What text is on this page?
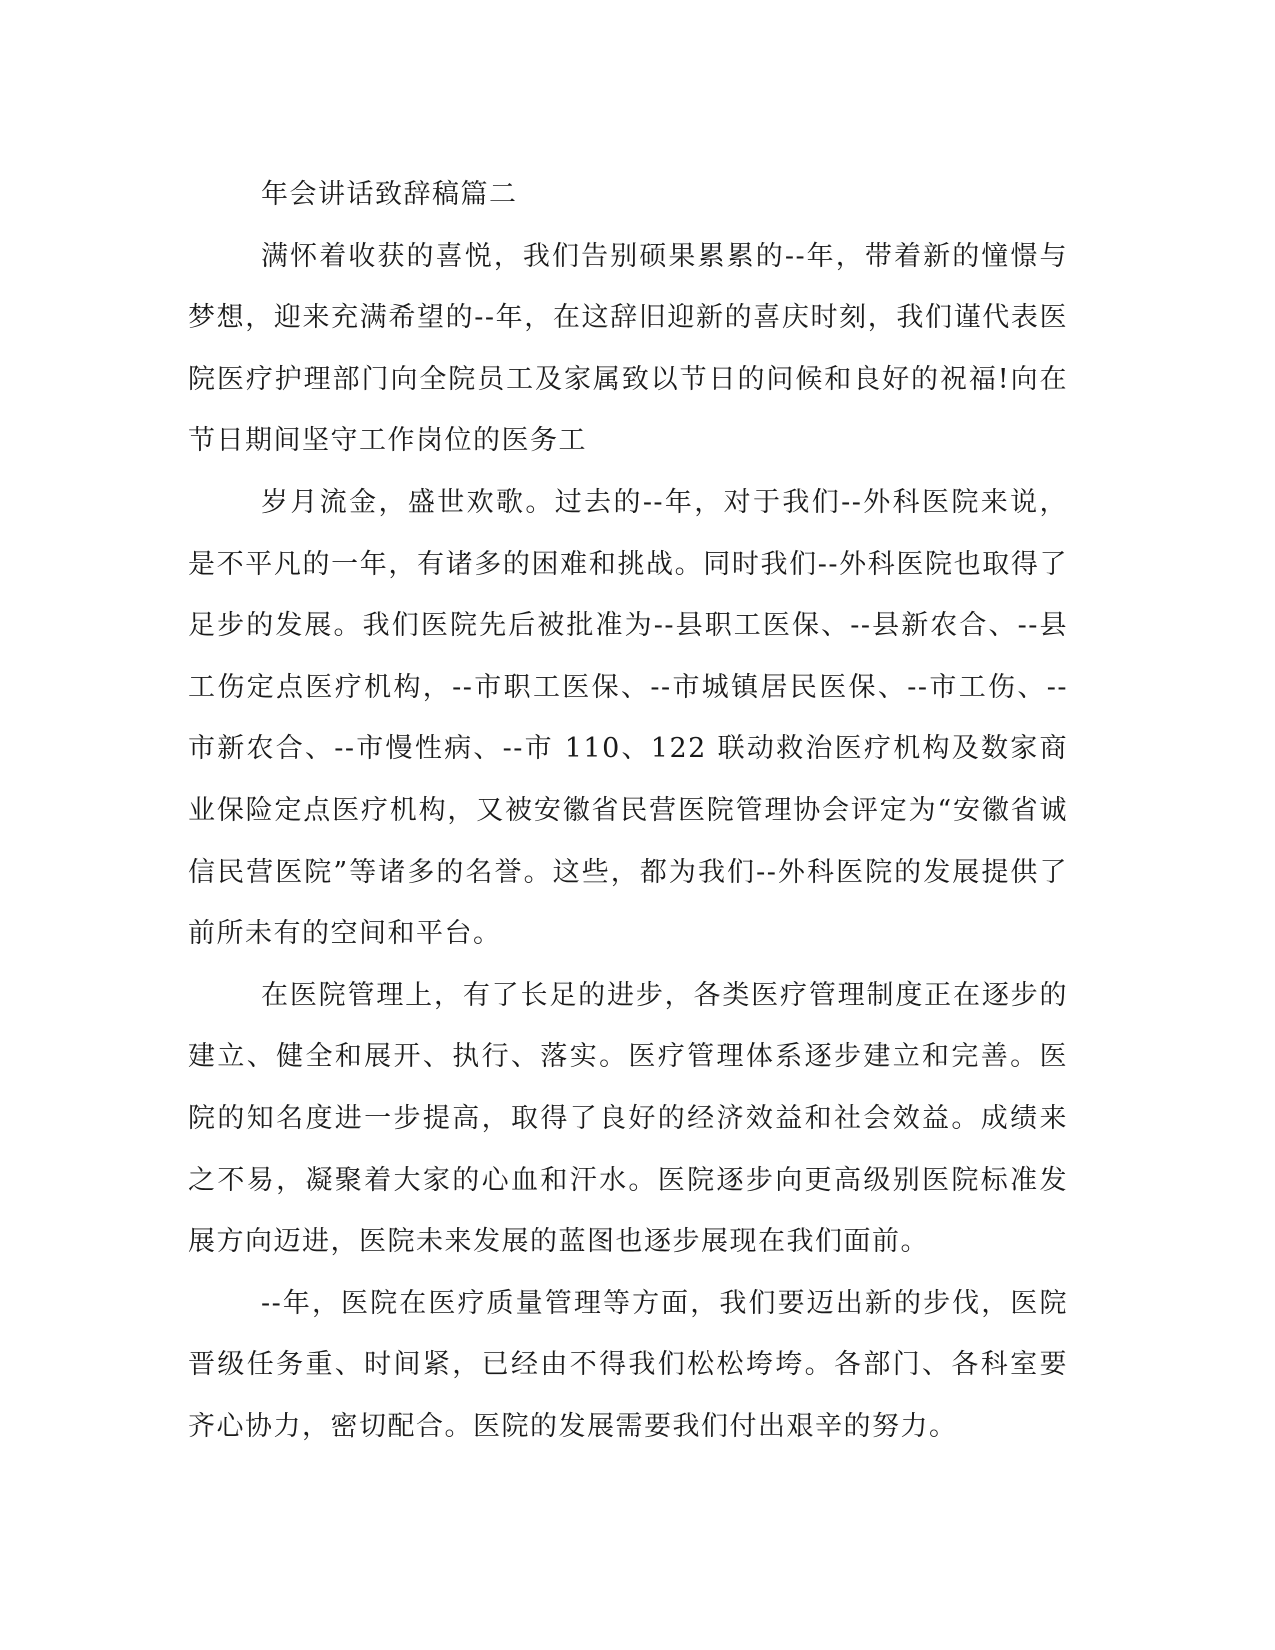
年会讲话致辞稿篇二

满怀着收获的喜悦，我们告别硕果累累的--年，带着新的憧憬与梦想，迎来充满希望的--年，在这辞旧迎新的喜庆时刻，我们谨代表医院医疗护理部门向全院员工及家属致以节日的问候和良好的祝福!向在节日期间坚守工作岗位的医务工

岁月流金，盛世欢歌。过去的--年，对于我们--外科医院来说，是不平凡的一年，有诸多的困难和挑战。同时我们--外科医院也取得了足步的发展。我们医院先后被批准为--县职工医保、--县新农合、--县工伤定点医疗机构，--市职工医保、--市城镇居民医保、--市工伤、--市新农合、--市慢性病、--市 110、122 联动救治医疗机构及数家商业保险定点医疗机构，又被安徽省民营医院管理协会评定为“安徽省诚信民营医院”等诸多的名誉。这些，都为我们--外科医院的发展提供了前所未有的空间和平台。

在医院管理上，有了长足的进步，各类医疗管理制度正在逐步的建立、健全和展开、执行、落实。医疗管理体系逐步建立和完善。医院的知名度进一步提高，取得了良好的经济效益和社会效益。成绩来之不易，凝聚着大家的心血和汗水。医院逐步向更高级别医院标准发展方向迈进，医院未来发展的蓝图也逐步展现在我们面前。

--年，医院在医疗质量管理等方面，我们要迈出新的步伐，医院晋级任务重、时间紧，已经由不得我们松松垮垮。各部门、各科室要齐心协力，密切配合。医院的发展需要我们付出艰辛的努力。
